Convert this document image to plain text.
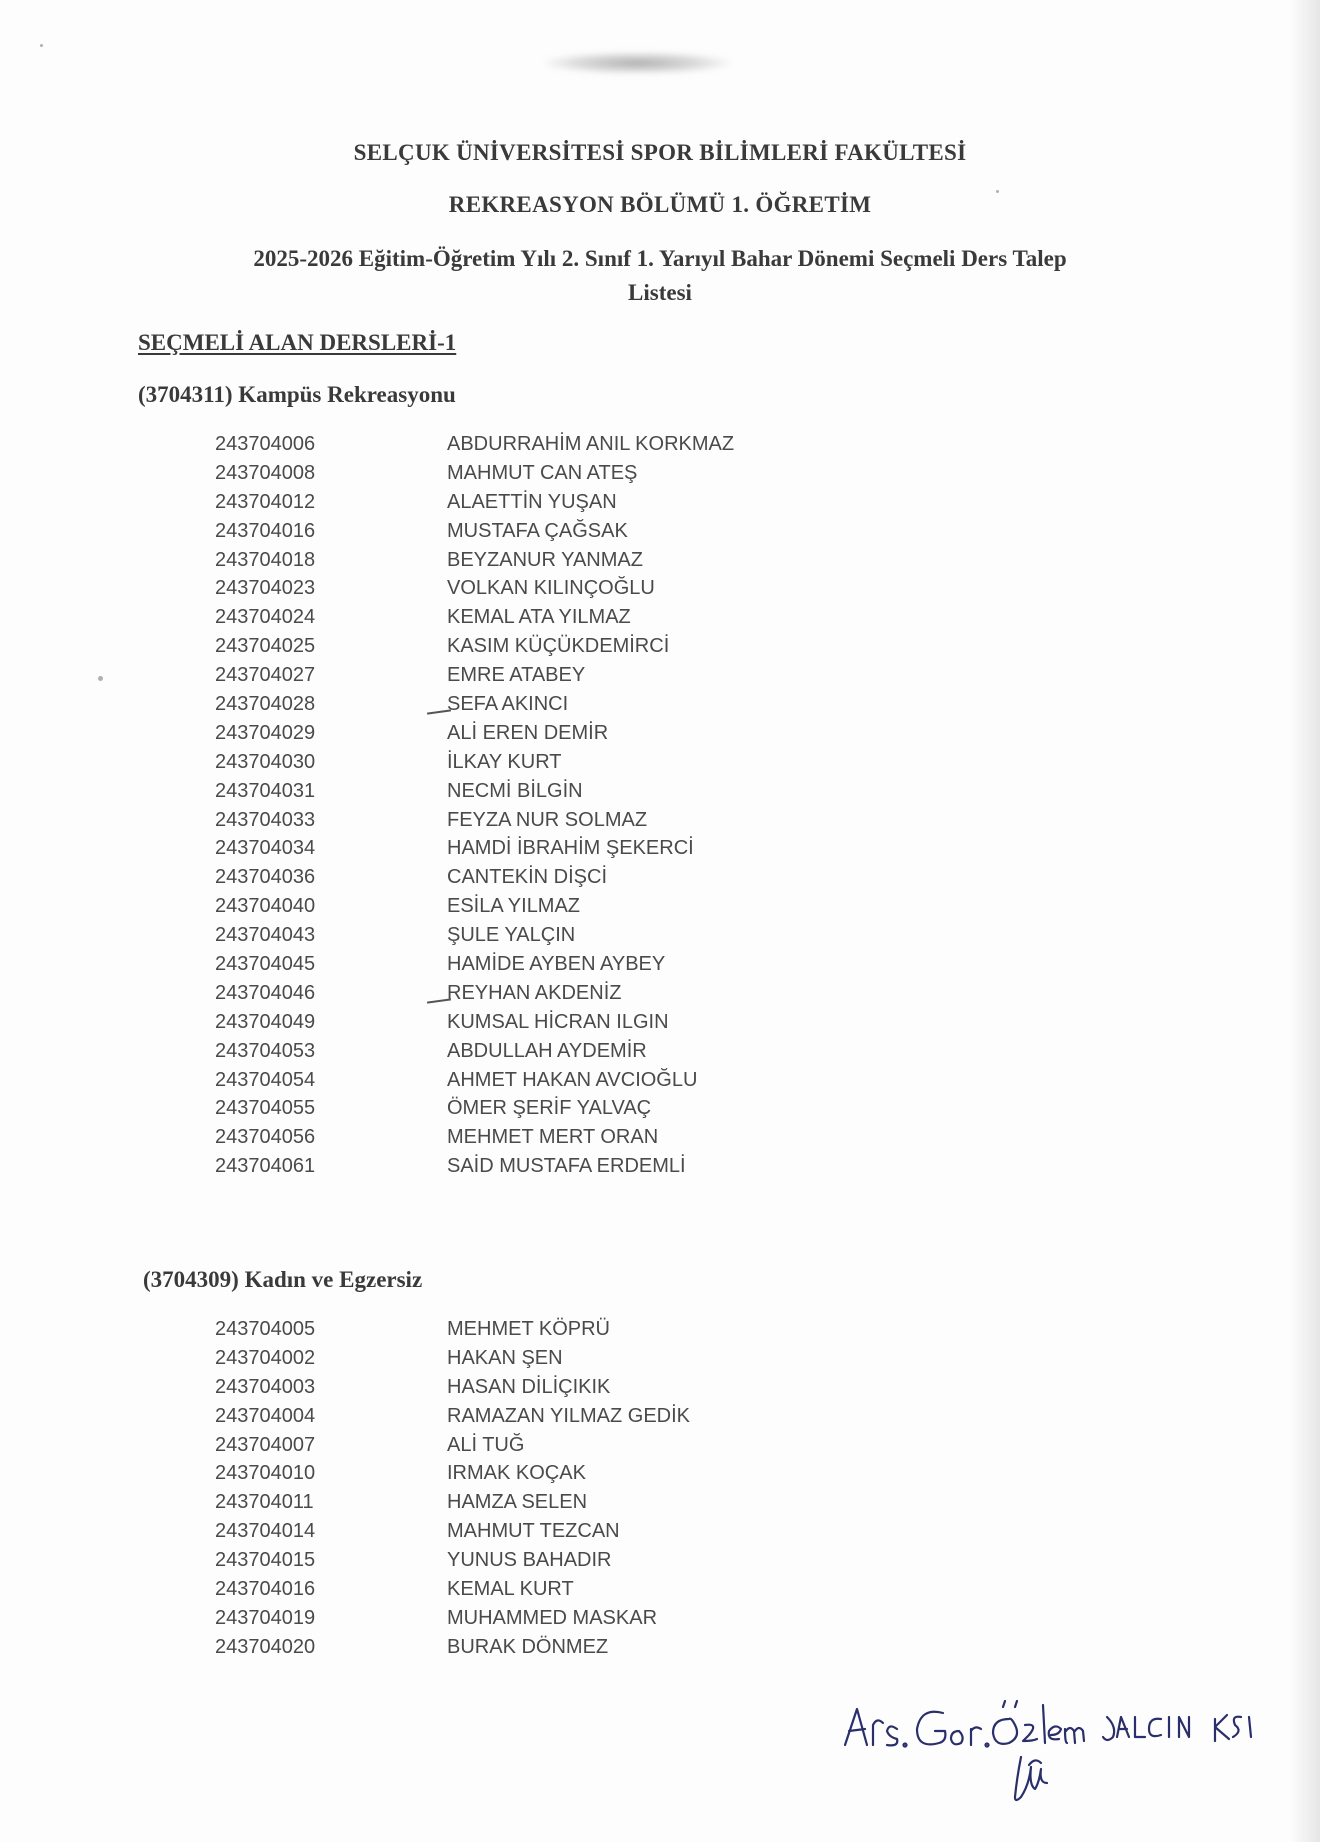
SELÇUK ÜNİVERSİTESİ SPOR BİLİMLERİ FAKÜLTESİ
REKREASYON BÖLÜMÜ 1. ÖĞRETİM
2025-2026 Eğitim-Öğretim Yılı 2. Sınıf 1. Yarıyıl Bahar Dönemi Seçmeli Ders Talep
Listesi
SEÇMELİ ALAN DERSLERİ-1
(3704311) Kampüs Rekreasyonu
243704006	ABDURRAHİM ANIL KORKMAZ
243704008	MAHMUT CAN ATEŞ
243704012	ALAETTİN YUŞAN
243704016	MUSTAFA ÇAĞSAK
243704018	BEYZANUR YANMAZ
243704023	VOLKAN KILINÇOĞLU
243704024	KEMAL ATA YILMAZ
243704025	KASIM KÜÇÜKDEMİRCİ
243704027	EMRE ATABEY
243704028	SEFA AKINCI
243704029	ALİ EREN DEMİR
243704030	İLKAY KURT
243704031	NECMİ BİLGİN
243704033	FEYZA NUR SOLMAZ
243704034	HAMDİ İBRAHİM ŞEKERCİ
243704036	CANTEKİN DİŞCİ
243704040	ESİLA YILMAZ
243704043	ŞULE YALÇIN
243704045	HAMİDE AYBEN AYBEY
243704046	REYHAN AKDENİZ
243704049	KUMSAL HİCRAN ILGIN
243704053	ABDULLAH AYDEMİR
243704054	AHMET HAKAN AVCIOĞLU
243704055	ÖMER ŞERİF YALVAÇ
243704056	MEHMET MERT ORAN
243704061	SAİD MUSTAFA ERDEMLİ
(3704309) Kadın ve Egzersiz
243704005	MEHMET KÖPRÜ
243704002	HAKAN ŞEN
243704003	HASAN DİLİÇIKIK
243704004	RAMAZAN YILMAZ GEDİK
243704007	ALİ TUĞ
243704010	IRMAK KOÇAK
243704011	HAMZA SELEN
243704014	MAHMUT TEZCAN
243704015	YUNUS BAHADIR
243704016	KEMAL KURT
243704019	MUHAMMED MASKAR
243704020	BURAK DÖNMEZ
